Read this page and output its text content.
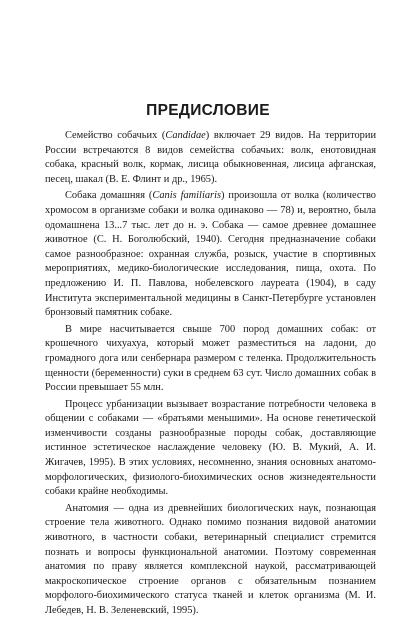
ПРЕДИСЛОВИЕ

Семейство собачьих (Candidae) включает 29 видов. На территории России встречаются 8 видов семейства собачьих: волк, енотовидная собака, красный волк, кормак, лисица обыкновенная, лисица афганская, песец, шакал (В. Е. Флинт и др., 1965).

Собака домашняя (Canis familiaris) произошла от волка (количество хромосом в организме собаки и волка одинаково — 78) и, вероятно, была одомашнена 13...7 тыс. лет до н. э. Собака — самое древнее домашнее животное (С. Н. Боголюбский, 1940). Сегодня предназначение собаки самое разнообразное: охранная служба, розыск, участие в спортивных мероприятиях, медико-биологические исследования, пища, охота. По предложению И. П. Павлова, нобелевского лауреата (1904), в саду Института экспериментальной медицины в Санкт-Петербурге установлен бронзовый памятник собаке.

В мире насчитывается свыше 700 пород домашних собак: от крошечного чихуахуа, который может разместиться на ладони, до громадного дога или сенбернара размером с теленка. Продолжительность щенности (беременности) суки в среднем 63 сут. Число домашних собак в России превышает 55 млн.

Процесс урбанизации вызывает возрастание потребности человека в общении с собаками — «братьями меньшими». На основе генетической изменчивости созданы разнообразные породы собак, доставляющие истинное эстетическое наслаждение человеку (Ю. В. Мукий, А. И. Жигачев, 1995). В этих условиях, несомненно, знания основных анатомо-морфологических, физиолого-биохимических основ жизнедеятельности собаки крайне необходимы.

Анатомия — одна из древнейших биологических наук, познающая строение тела животного. Однако помимо познания видовой анатомии животного, в частности собаки, ветеринарный специалист стремится познать и вопросы функциональной анатомии. Поэтому современная анатомия по праву является комплексной наукой, рассматривающей макроскопическое строение органов с обязательным познанием морфолого-биохимического статуса тканей и клеток организма (М. И. Лебедев, Н. В. Зеленевский, 1995).
